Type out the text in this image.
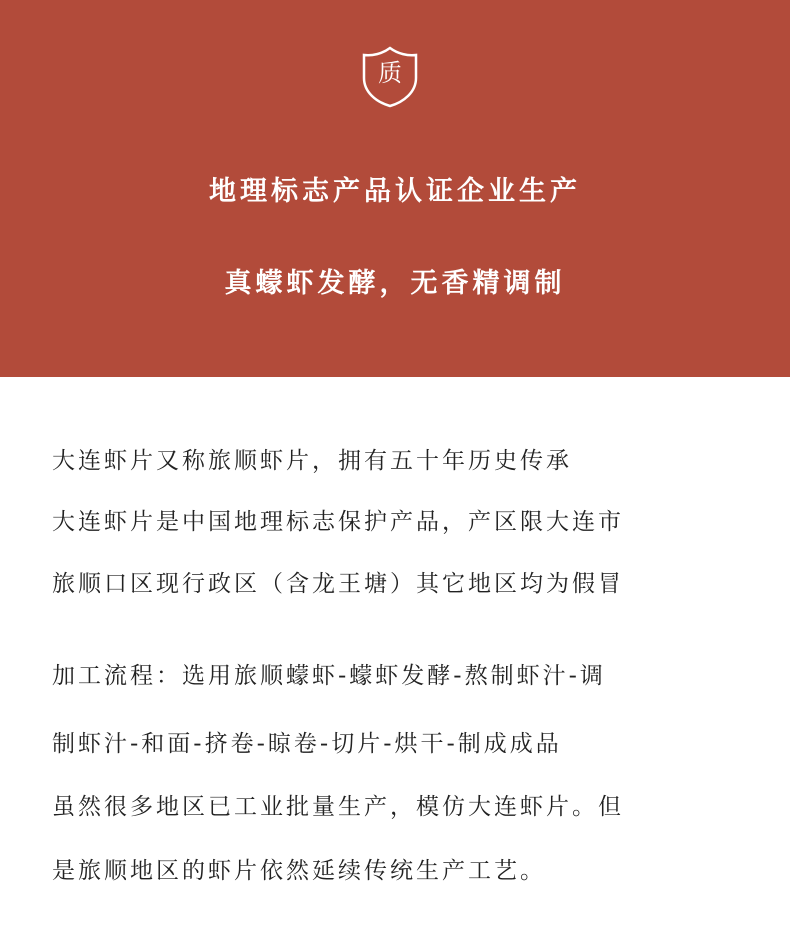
质
地理标志产品认证企业生产
真蠓虾发酵，无香精调制
大连虾片又称旅顺虾片，拥有五十年历史传承
大连虾片是中国地理标志保护产品，产区限大连市
旅顺口区现行政区（含龙王塘）其它地区均为假冒
加工流程：选用旅顺蠓虾-蠓虾发酵-熬制虾汁-调
制虾汁-和面-挤卷-晾卷-切片-烘干-制成成品
虽然很多地区已工业批量生产，模仿大连虾片。但
是旅顺地区的虾片依然延续传统生产工艺。
